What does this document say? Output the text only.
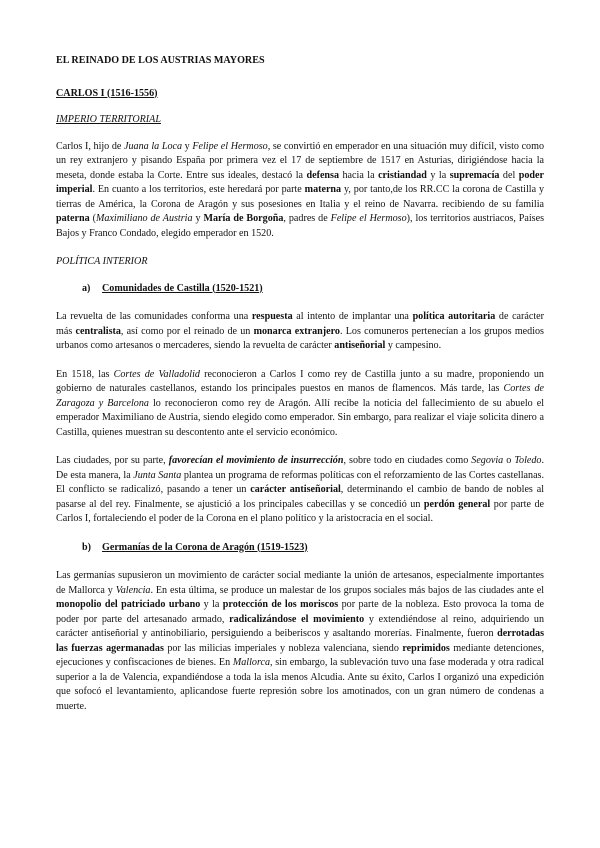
EL REINADO DE LOS AUSTRIAS MAYORES

CARLOS I (1516-1556)

IMPERIO TERRITORIAL

Carlos I, hijo de Juana la Loca y Felipe el Hermoso, se convirtió en emperador en una situación muy difícil, visto como un rey extranjero y pisando España por primera vez el 17 de septiembre de 1517 en Asturias, dirigiéndose hacia la meseta, donde estaba la Corte. Entre sus ideales, destacó la defensa hacia la cristiandad y la supremacía del poder imperial. En cuanto a los territorios, este heredará por parte materna y, por tanto,de los RR.CC la corona de Castilla y tierras de América, la Corona de Aragón y sus posesiones en Italia y el reino de Navarra. recibiendo de su familia paterna (Maximiliano de Austria y María de Borgoña, padres de Felipe el Hermoso), los territorios austriacos, Países Bajos y Franco Condado, elegido emperador en 1520.

POLÍTICA INTERIOR

a) Comunidades de Castilla (1520-1521)

La revuelta de las comunidades conforma una respuesta al intento de implantar una política autoritaria de carácter más centralista, así como por el reinado de un monarca extranjero. Los comuneros pertenecían a los grupos medios urbanos como artesanos o mercaderes, siendo la revuelta de carácter antiseñorial y campesino.

En 1518, las Cortes de Valladolid reconocieron a Carlos I como rey de Castilla junto a su madre, proponiendo un gobierno de naturales castellanos, estando los principales puestos en manos de flamencos. Más tarde, las Cortes de Zaragoza y Barcelona lo reconocieron como rey de Aragón. Allí recibe la noticia del fallecimiento de su abuelo el emperador Maximiliano de Austria, siendo elegido como emperador. Sin embargo, para realizar el viaje solicita dinero a Castilla, quienes muestran su descontento ante el servicio económico.

Las ciudades, por su parte, favorecían el movimiento de insurrección, sobre todo en ciudades como Segovia o Toledo. De esta manera, la Junta Santa plantea un programa de reformas políticas con el reforzamiento de las Cortes castellanas. El conflicto se radicalizó, pasando a tener un carácter antiseñorial, determinando el cambio de bando de nobles al pasarse al del rey. Finalmente, se ajustició a los principales cabecillas y se concedió un perdón general por parte de Carlos I, fortaleciendo el poder de la Corona en el plano político y la aristocracia en el social.

b) Germanías de la Corona de Aragón (1519-1523)

Las germanías supusieron un movimiento de carácter social mediante la unión de artesanos, especialmente importantes de Mallorca y Valencia. En esta última, se produce un malestar de los grupos sociales más bajos de las ciudades ante el monopolio del patriciado urbano y la protección de los moriscos por parte de la nobleza. Esto provoca la toma de poder por parte del artesanado armado, radicalizándose el movimiento y extendiéndose al reino, adquiriendo un carácter antiseñorial y antinobiliario, persiguiendo a beiberiscos y asaltando morerías. Finalmente, fueron derrotadas las fuerzas agermanadas por las milicias imperiales y nobleza valenciana, siendo reprimidos mediante detenciones, ejecuciones y confiscaciones de bienes. En Mallorca, sin embargo, la sublevación tuvo una fase moderada y otra radical superior a la de Valencia, expandiéndose a toda la isla menos Alcudia. Ante su éxito, Carlos I organizó una expedición que sofocó el levantamiento, aplicandose fuerte represión sobre los amotinados, con un gran número de condenas a muerte.
